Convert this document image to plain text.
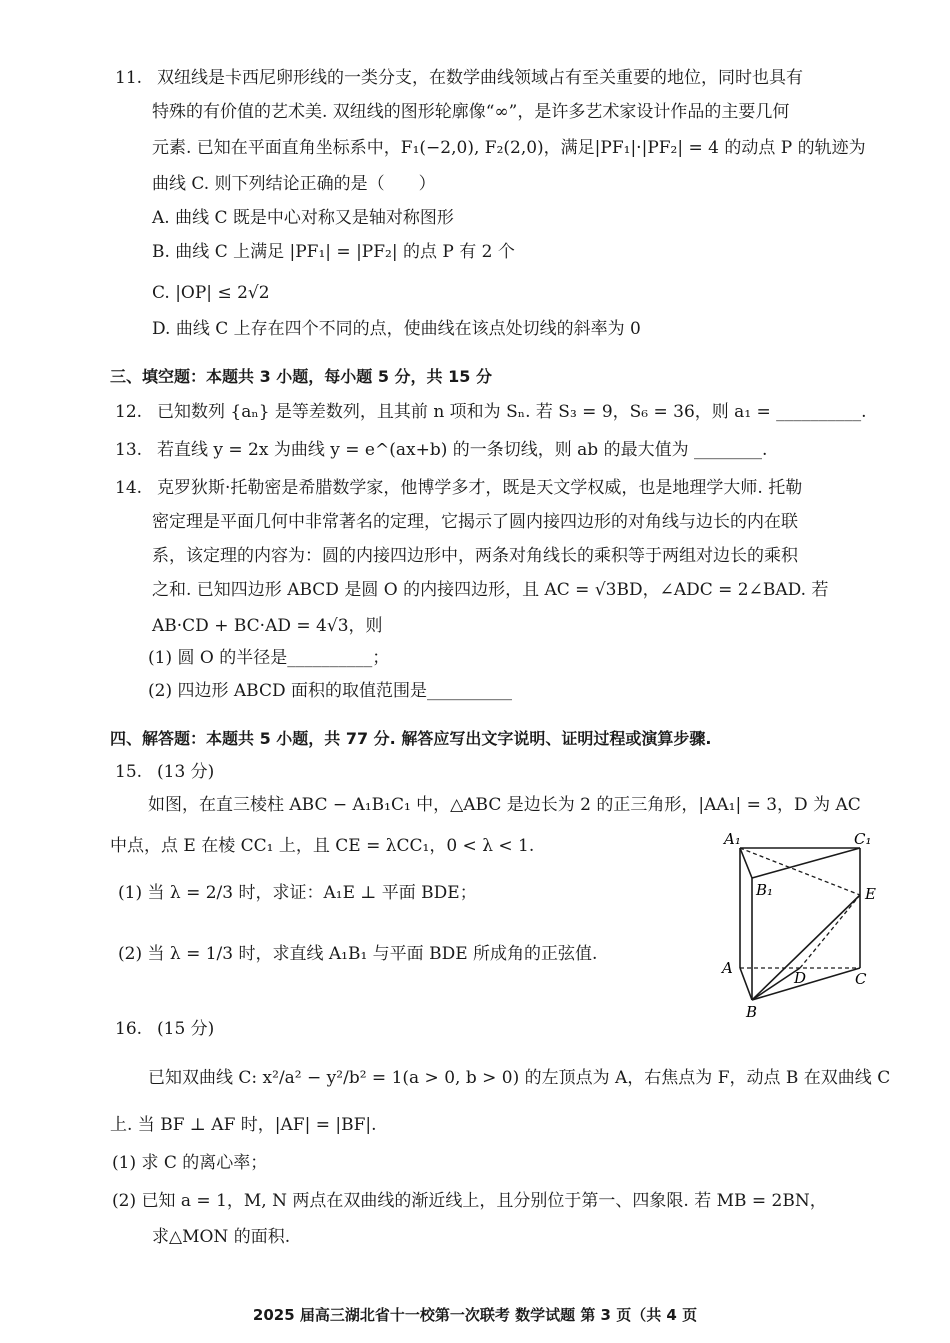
11. 双纽线是卡西尼卵形线的一类分支，在数学曲线领域占有至关重要的地位，同时也具有
特殊的有价值的艺术美. 双纽线的图形轮廓像“∞”，是许多艺术家设计作品的主要几何
元素. 已知在平面直角坐标系中，F₁(−2,0), F₂(2,0)，满足|PF₁|·|PF₂| = 4 的动点 P 的轨迹为
曲线 C. 则下列结论正确的是（　　）
A. 曲线 C 既是中心对称又是轴对称图形
B. 曲线 C 上满足 |PF₁| = |PF₂| 的点 P 有 2 个
C. |OP| ≤ 2√2
D. 曲线 C 上存在四个不同的点，使曲线在该点处切线的斜率为 0
三、填空题：本题共 3 小题，每小题 5 分，共 15 分
12. 已知数列 {aₙ} 是等差数列，且其前 n 项和为 Sₙ. 若 S₃ = 9，S₆ = 36，则 a₁ = __________.
13. 若直线 y = 2x 为曲线 y = e^(ax+b) 的一条切线，则 ab 的最大值为 ________.
14. 克罗狄斯·托勒密是希腊数学家，他博学多才，既是天文学权威，也是地理学大师. 托勒
密定理是平面几何中非常著名的定理，它揭示了圆内接四边形的对角线与边长的内在联
系，该定理的内容为：圆的内接四边形中，两条对角线长的乘积等于两组对边长的乘积
之和. 已知四边形 ABCD 是圆 O 的内接四边形，且 AC = √3BD，∠ADC = 2∠BAD. 若
AB·CD + BC·AD = 4√3，则
(1) 圆 O 的半径是__________；
(2) 四边形 ABCD 面积的取值范围是__________
四、解答题：本题共 5 小题，共 77 分. 解答应写出文字说明、证明过程或演算步骤.
15. (13 分)
如图，在直三棱柱 ABC − A₁B₁C₁ 中，△ABC 是边长为 2 的正三角形，|AA₁| = 3，D 为 AC
中点，点 E 在棱 CC₁ 上，且 CE = λCC₁，0 < λ < 1.
(1) 当 λ = 2/3 时，求证：A₁E ⊥ 平面 BDE；
(2) 当 λ = 1/3 时，求直线 A₁B₁ 与平面 BDE 所成角的正弦值.
A₁	C₁
B₁	E
A
C
D
B
16. (15 分)
已知双曲线 C: x²/a² − y²/b² = 1(a > 0, b > 0) 的左顶点为 A，右焦点为 F，动点 B 在双曲线 C
上. 当 BF ⊥ AF 时，|AF| = |BF|.
(1) 求 C 的离心率；
(2) 已知 a = 1，M, N 两点在双曲线的渐近线上，且分别位于第一、四象限. 若 MB = 2BN，
求△MON 的面积.
2025 届高三湖北省十一校第一次联考 数学试题 第 3 页（共 4 页
